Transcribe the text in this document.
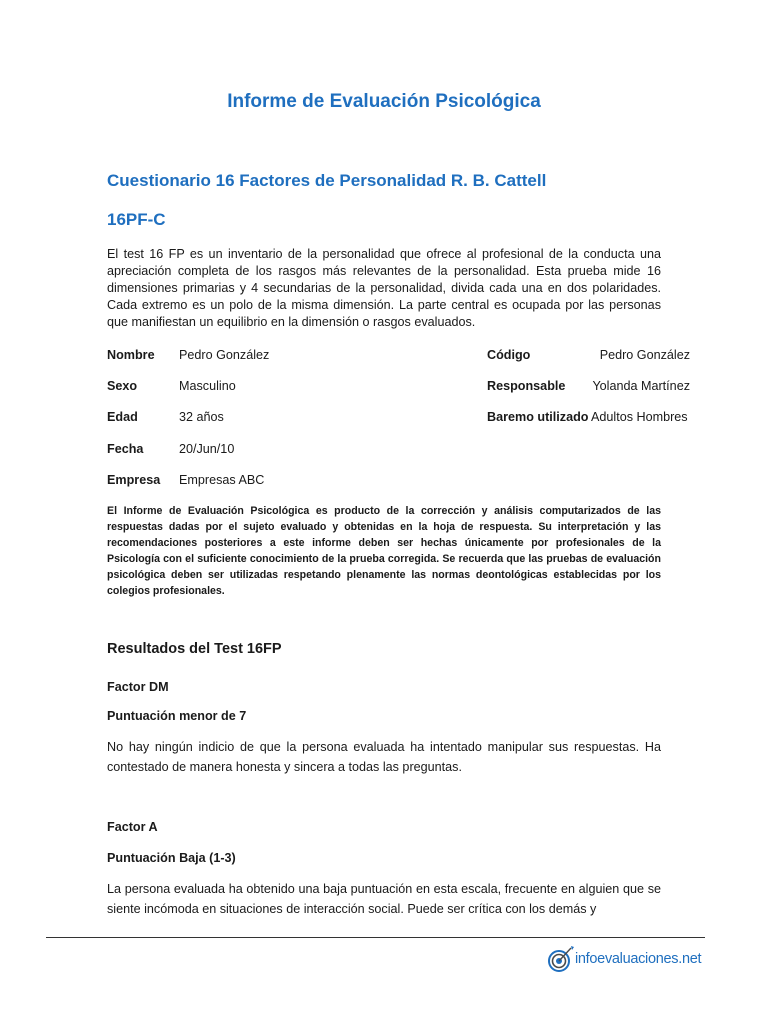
Informe de Evaluación Psicológica
Cuestionario 16 Factores de Personalidad R. B. Cattell
16PF-C

El test 16 FP es un inventario de la personalidad que ofrece al profesional de la conducta una apreciación completa de los rasgos más relevantes de la personalidad. Esta prueba mide 16 dimensiones primarias y 4 secundarias de la personalidad, divida cada una en dos polaridades. Cada extremo es un polo de la misma dimensión. La parte central es ocupada por las personas que manifiestan un equilibrio en la dimensión o rasgos evaluados.

Nombre Pedro González
Sexo	Masculino
Edad	32 años
Fecha	20/Jun/10
Empresa Empresas ABC
Código	Pedro González
Responsable Yolanda Martínez
Baremo utilizado Adultos Hombres

El Informe de Evaluación Psicológica es producto de la corrección y análisis computarizados de las respuestas dadas por el sujeto evaluado y obtenidas en la hoja de respuesta. Su interpretación y las recomendaciones posteriores a este informe deben ser hechas únicamente por profesionales de la Psicología con el suficiente conocimiento de la prueba corregida. Se recuerda que las pruebas de evaluación psicológica deben ser utilizadas respetando plenamente las normas deontológicas establecidas por los colegios profesionales.

Resultados del Test 16FP

Factor DM

Puntuación menor de 7

No hay ningún indicio de que la persona evaluada ha intentado manipular sus respuestas. Ha contestado de manera honesta y sincera a todas las preguntas.

Factor A

Puntuación Baja (1-3)

La persona evaluada ha obtenido una baja puntuación en esta escala, frecuente en alguien que se siente incómoda en situaciones de interacción social. Puede ser crítica con los demás y

infoevaluaciones.net
